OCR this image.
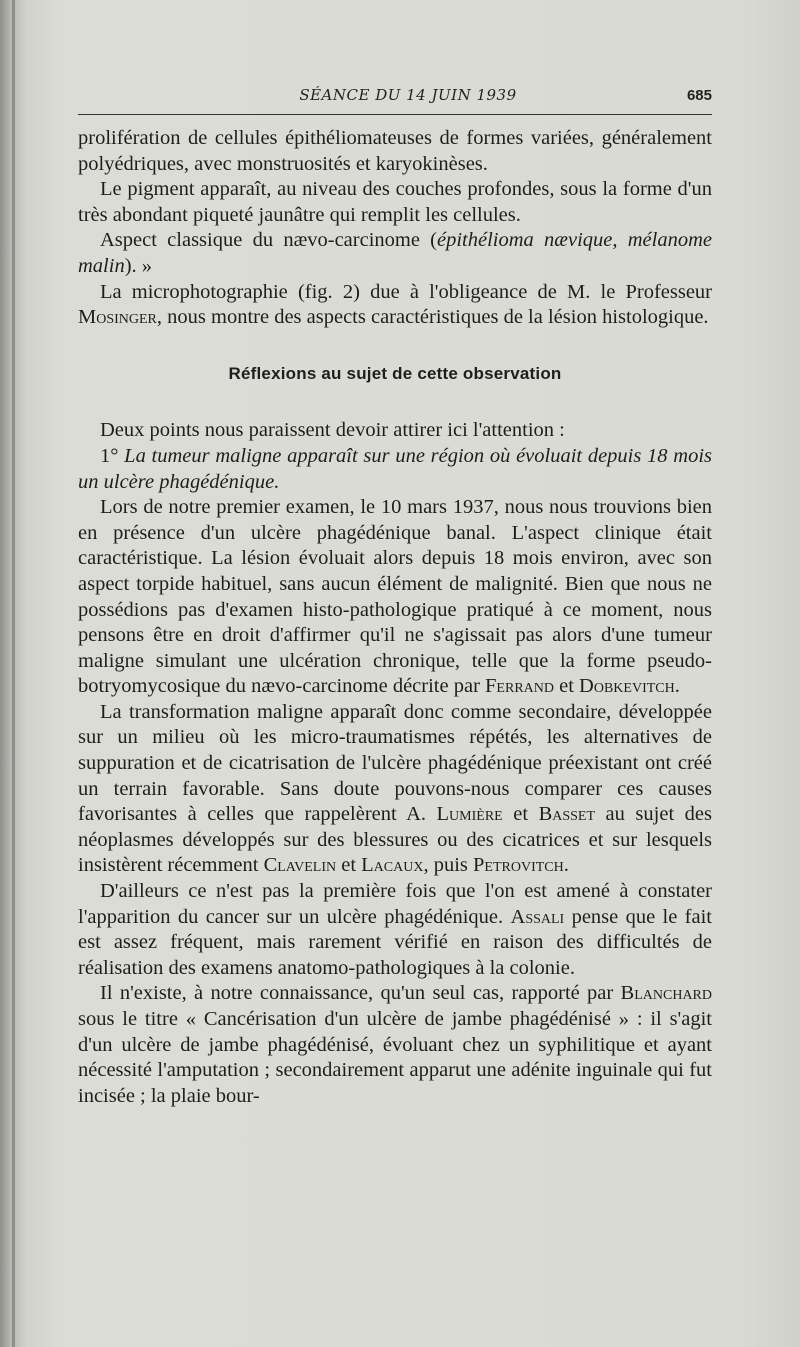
SÉANCE DU 14 JUIN 1939	685

prolifération de cellules épithéliomateuses de formes variées, généralement polyédriques, avec monstruosités et karyokinèses.

Le pigment apparaît, au niveau des couches profondes, sous la forme d'un très abondant piqueté jaunâtre qui remplit les cellules.

Aspect classique du nævo-carcinome (épithélioma nævique, mélanome malin). »

La microphotographie (fig. 2) due à l'obligeance de M. le Professeur Mosinger, nous montre des aspects caractéristiques de la lésion histologique.

Réflexions au sujet de cette observation

Deux points nous paraissent devoir attirer ici l'attention :

1° La tumeur maligne apparaît sur une région où évoluait depuis 18 mois un ulcère phagédénique.

Lors de notre premier examen, le 10 mars 1937, nous nous trouvions bien en présence d'un ulcère phagédénique banal. L'aspect clinique était caractéristique. La lésion évoluait alors depuis 18 mois environ, avec son aspect torpide habituel, sans aucun élément de malignité. Bien que nous ne possédions pas d'examen histo-pathologique pratiqué à ce moment, nous pensons être en droit d'affirmer qu'il ne s'agissait pas alors d'une tumeur maligne simulant une ulcération chronique, telle que la forme pseudo-botryomycosique du nævo-carcinome décrite par Ferrand et Dobkevitch.

La transformation maligne apparaît donc comme secondaire, développée sur un milieu où les micro-traumatismes répétés, les alternatives de suppuration et de cicatrisation de l'ulcère phagédénique préexistant ont créé un terrain favorable. Sans doute pouvons-nous comparer ces causes favorisantes à celles que rappelèrent A. Lumière et Basset au sujet des néoplasmes développés sur des blessures ou des cicatrices et sur lesquels insistèrent récemment Clavelin et Lacaux, puis Petrovitch.

D'ailleurs ce n'est pas la première fois que l'on est amené à constater l'apparition du cancer sur un ulcère phagédénique. Assali pense que le fait est assez fréquent, mais rarement vérifié en raison des difficultés de réalisation des examens anatomo-pathologiques à la colonie.

Il n'existe, à notre connaissance, qu'un seul cas, rapporté par Blanchard sous le titre « Cancérisation d'un ulcère de jambe phagédénisé » : il s'agit d'un ulcère de jambe phagédénisé, évoluant chez un syphilitique et ayant nécessité l'amputation ; secondairement apparut une adénite inguinale qui fut incisée ; la plaie bour-
